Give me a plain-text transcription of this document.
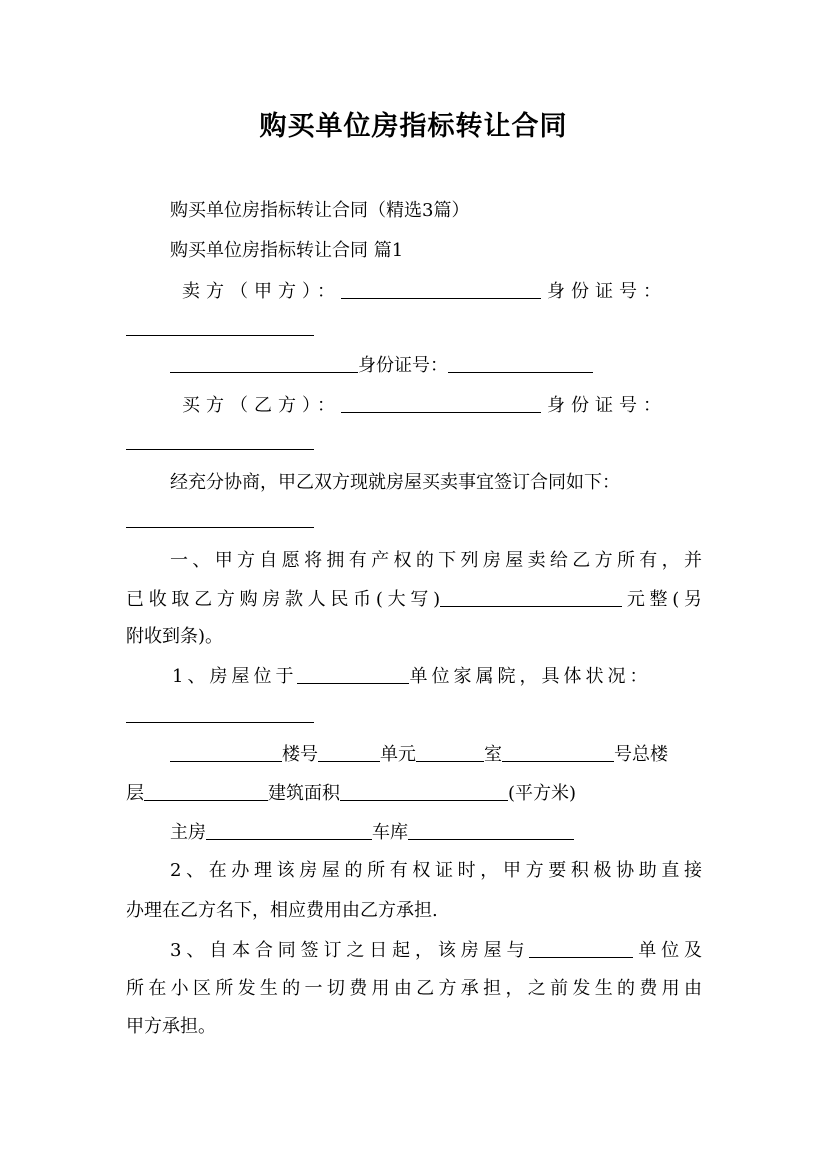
购买单位房指标转让合同
购买单位房指标转让合同（精选3篇）
购买单位房指标转让合同 篇1
卖方（甲方）：	身份证号：
身份证号：
买方（乙方）：	身份证号：
经充分协商，甲乙双方现就房屋买卖事宜签订合同如下：
一、甲方自愿将拥有产权的下列房屋卖给乙方所有，并
已收取乙方购房款人民币(大写)	元整(另
附收到条)。
1、房屋位于	单位家属院，具体状况：
楼号	单元	室	号总楼
层	建筑面积	(平方米)
主房	车库
2、在办理该房屋的所有权证时，甲方要积极协助直接
办理在乙方名下，相应费用由乙方承担.
3、自本合同签订之日起，该房屋与	单位及
所在小区所发生的一切费用由乙方承担，之前发生的费用由
甲方承担。
